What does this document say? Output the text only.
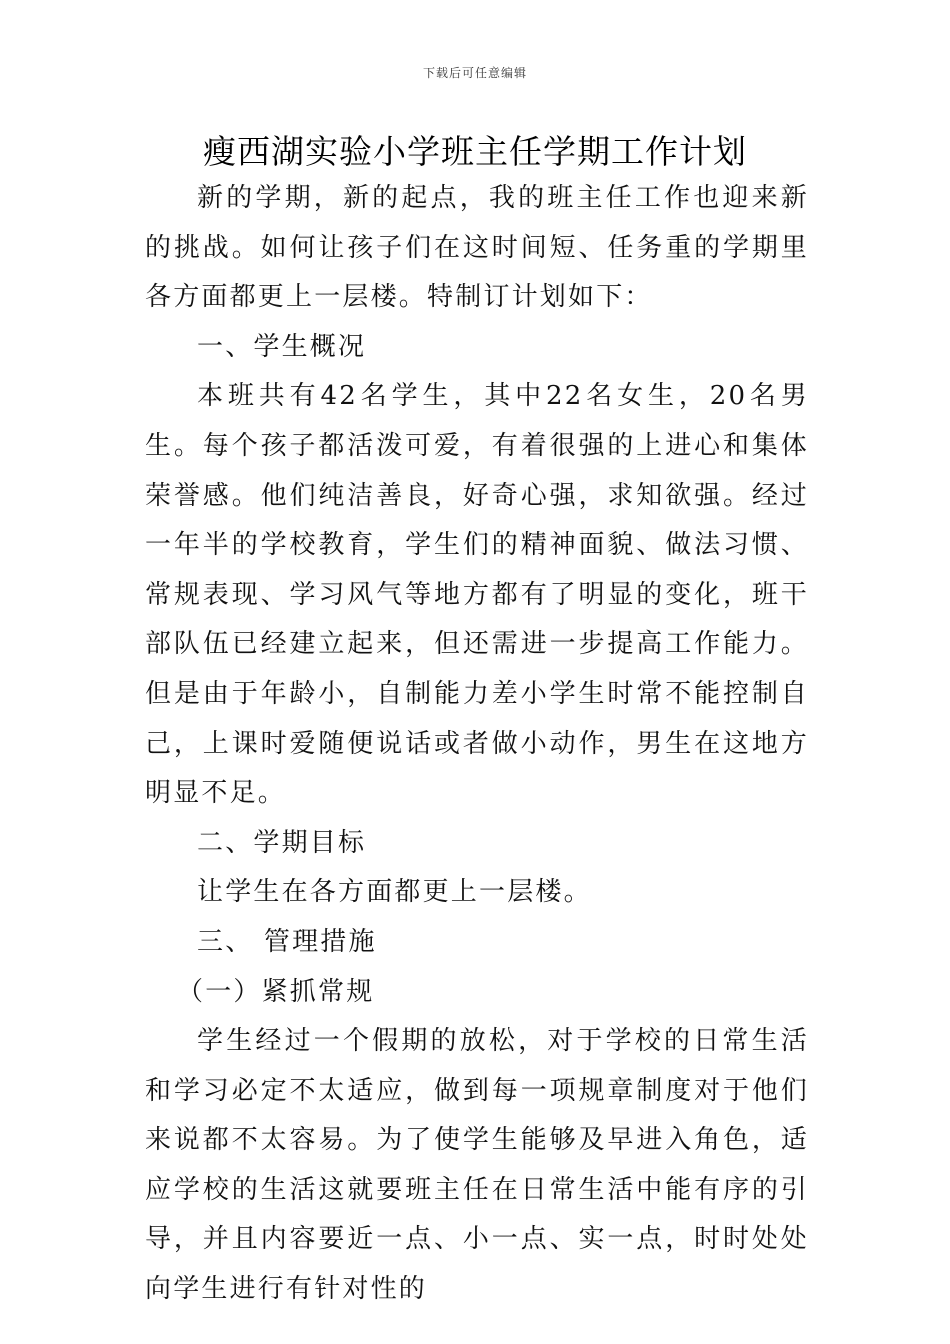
下载后可任意编辑
瘦西湖实验小学班主任学期工作计划

新的学期，新的起点，我的班主任工作也迎来新的挑战。如何让孩子们在这时间短、任务重的学期里各方面都更上一层楼。特制订计划如下：

一、学生概况

本班共有42名学生，其中22名女生，20名男生。每个孩子都活泼可爱，有着很强的上进心和集体荣誉感。他们纯洁善良，好奇心强，求知欲强。经过一年半的学校教育，学生们的精神面貌、做法习惯、常规表现、学习风气等地方都有了明显的变化，班干部队伍已经建立起来，但还需进一步提高工作能力。但是由于年龄小，自制能力差小学生时常不能控制自己，上课时爱随便说话或者做小动作，男生在这地方明显不足。

二、学期目标

让学生在各方面都更上一层楼。

三、 管理措施

（一）紧抓常规

学生经过一个假期的放松，对于学校的日常生活和学习必定不太适应，做到每一项规章制度对于他们来说都不太容易。为了使学生能够及早进入角色，适应学校的生活这就要班主任在日常生活中能有序的引导，并且内容要近一点、小一点、实一点，时时处处向学生进行有针对性的
